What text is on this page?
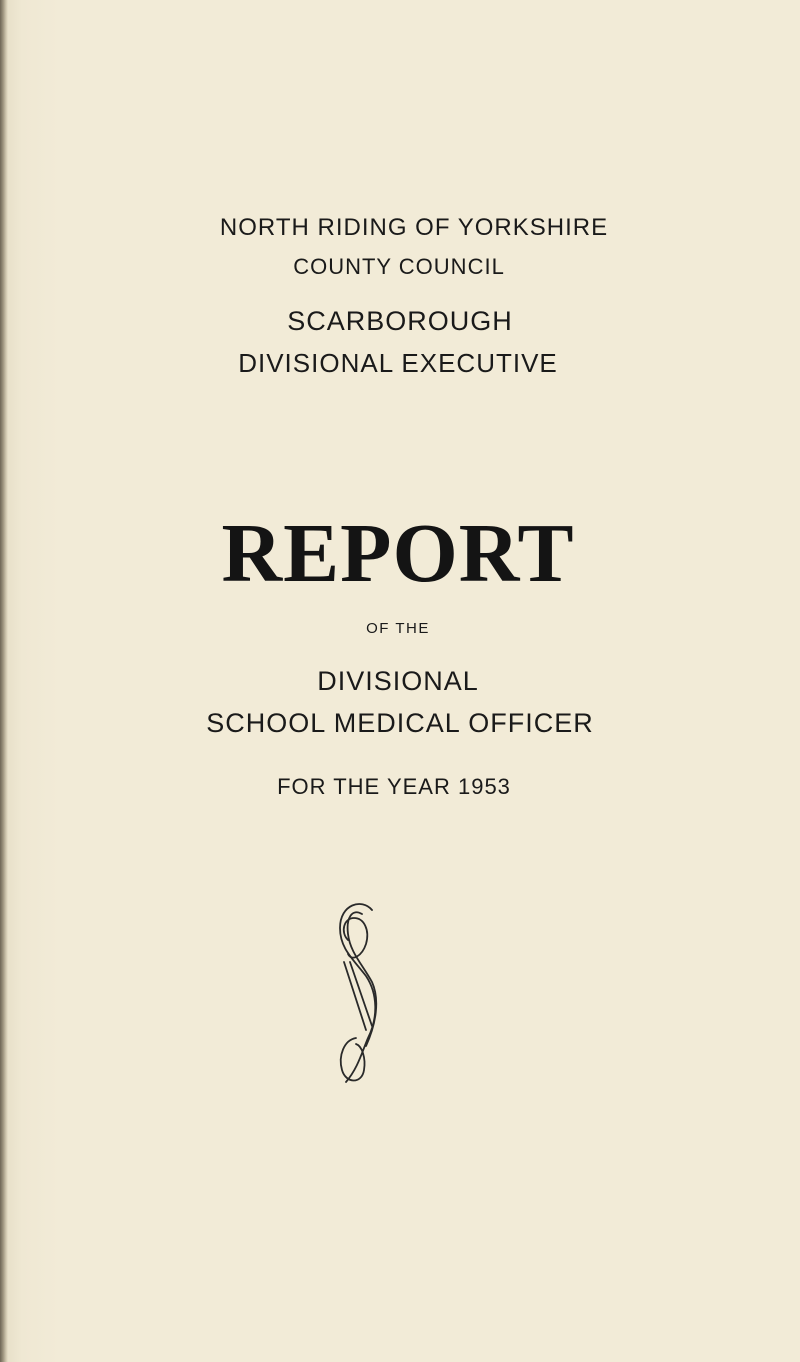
NORTH RIDING OF YORKSHIRE
COUNTY COUNCIL
SCARBOROUGH
DIVISIONAL EXECUTIVE
REPORT
OF THE
DIVISIONAL
SCHOOL MEDICAL OFFICER
FOR THE YEAR 1953
